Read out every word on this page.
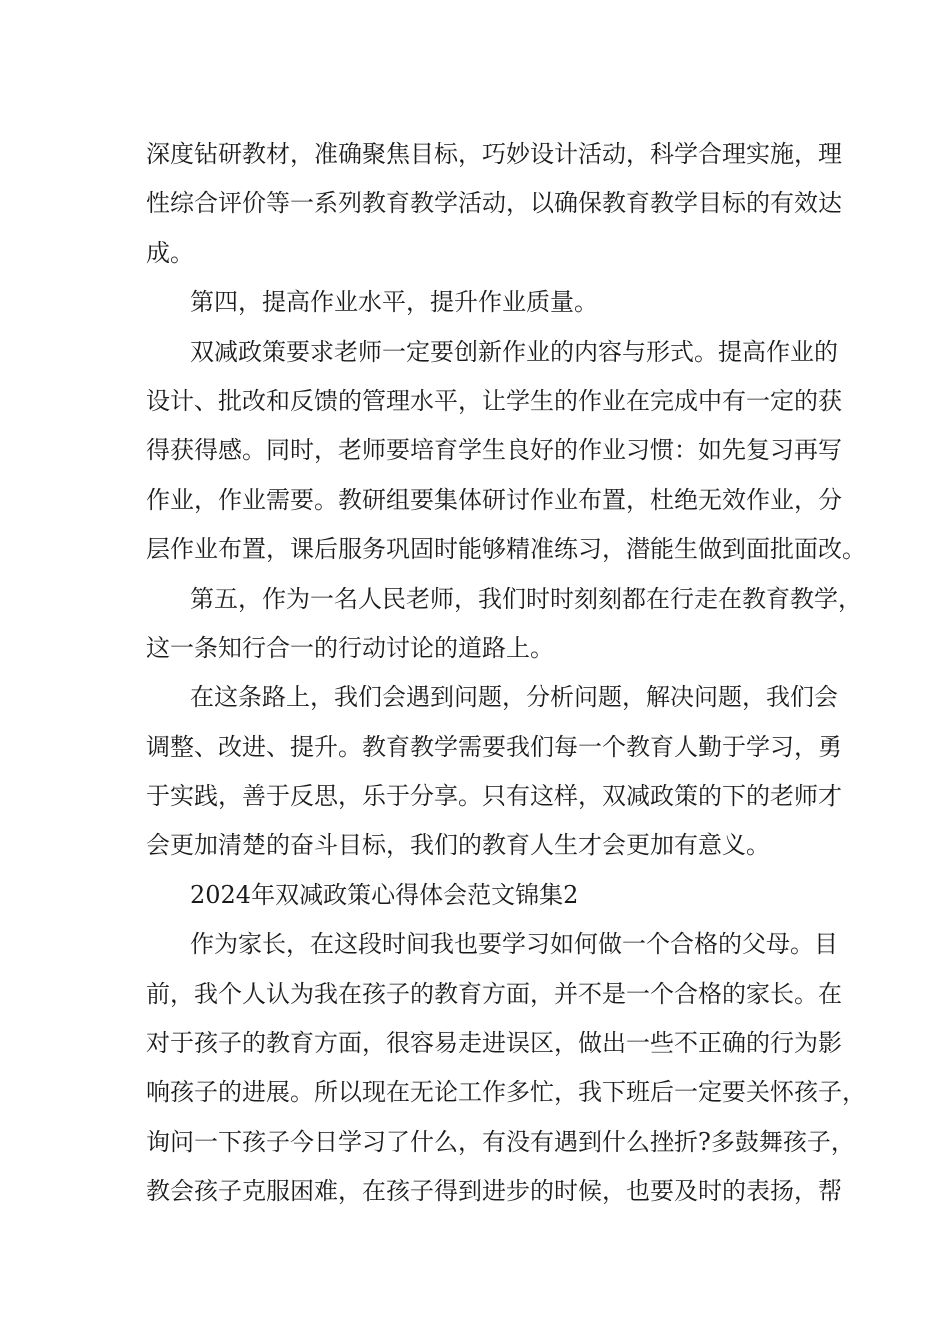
深度钻研教材，准确聚焦目标，巧妙设计活动，科学合理实施，理
性综合评价等一系列教育教学活动，以确保教育教学目标的有效达
成。
第四，提高作业水平，提升作业质量。
双减政策要求老师一定要创新作业的内容与形式。提高作业的
设计、批改和反馈的管理水平，让学生的作业在完成中有一定的获
得获得感。同时，老师要培育学生良好的作业习惯：如先复习再写
作业，作业需要。教研组要集体研讨作业布置，杜绝无效作业，分
层作业布置，课后服务巩固时能够精准练习，潜能生做到面批面改。
第五，作为一名人民老师，我们时时刻刻都在行走在教育教学，
这一条知行合一的行动讨论的道路上。
在这条路上，我们会遇到问题，分析问题，解决问题，我们会
调整、改进、提升。教育教学需要我们每一个教育人勤于学习，勇
于实践，善于反思，乐于分享。只有这样，双减政策的下的老师才
会更加清楚的奋斗目标，我们的教育人生才会更加有意义。
2024年双减政策心得体会范文锦集2
作为家长，在这段时间我也要学习如何做一个合格的父母。目
前，我个人认为我在孩子的教育方面，并不是一个合格的家长。在
对于孩子的教育方面，很容易走进误区，做出一些不正确的行为影
响孩子的进展。所以现在无论工作多忙，我下班后一定要关怀孩子，
询问一下孩子今日学习了什么，有没有遇到什么挫折?多鼓舞孩子，
教会孩子克服困难，在孩子得到进步的时候，也要及时的表扬，帮
